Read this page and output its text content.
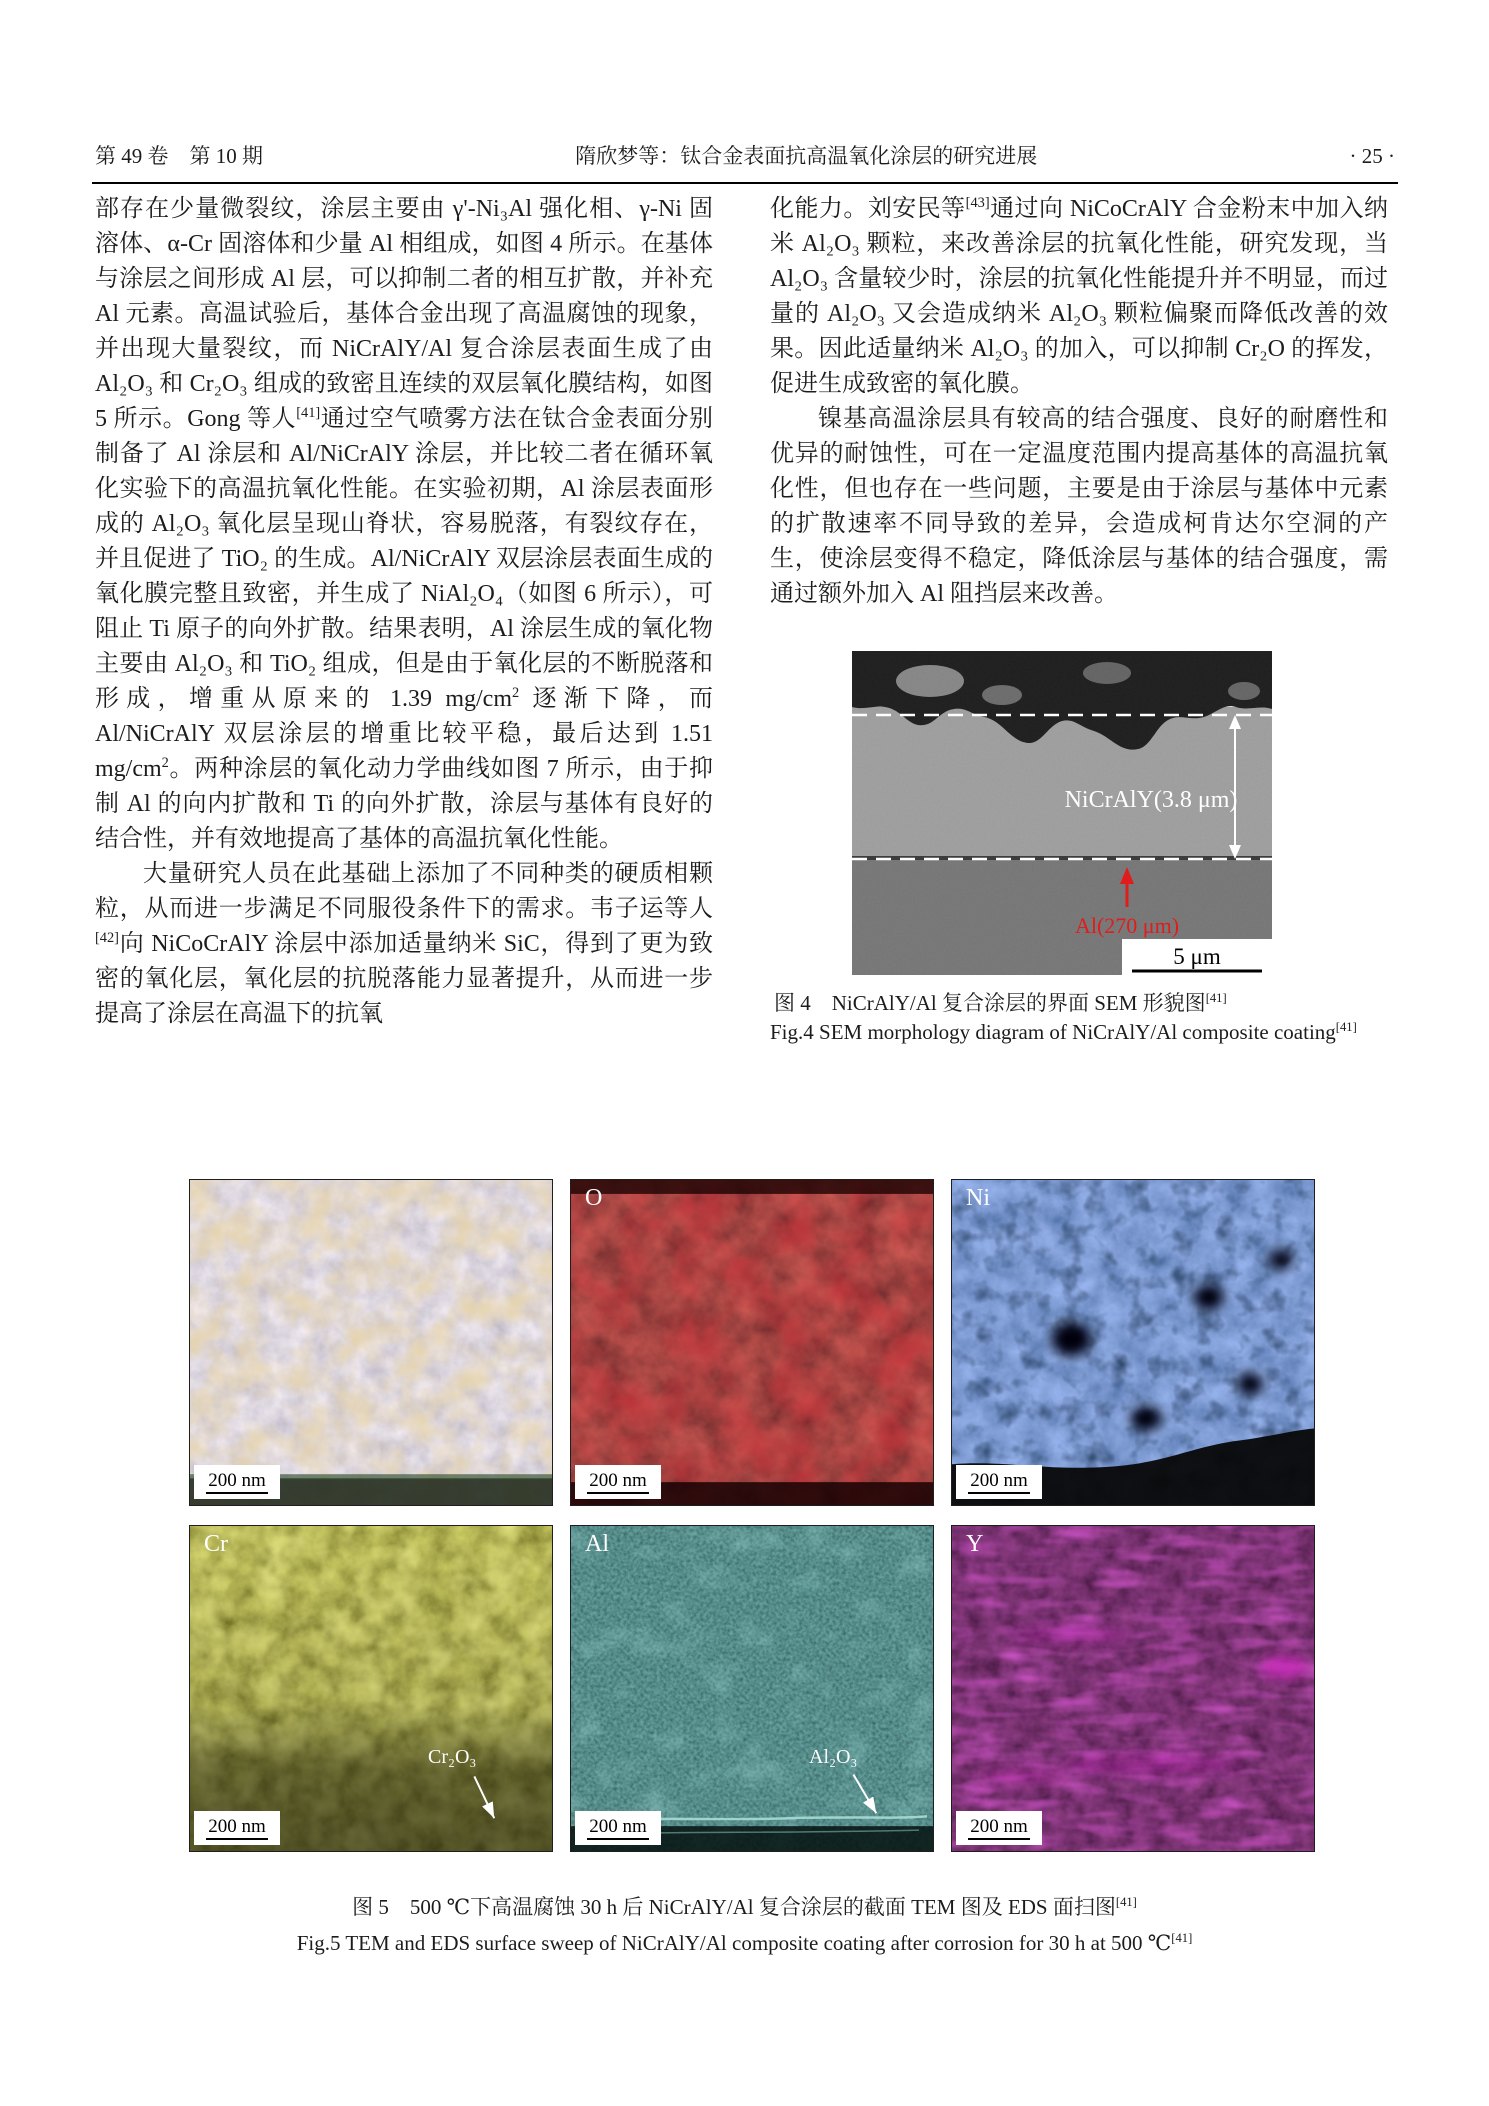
第 49 卷　第 10 期	隋欣梦等：钛合金表面抗高温氧化涂层的研究进展	· 25 ·

部存在少量微裂纹，涂层主要由 γ'-Ni₃Al 强化相、γ-Ni 固溶体、α-Cr 固溶体和少量 Al 相组成，如图 4 所示。在基体与涂层之间形成 Al 层，可以抑制二者的相互扩散，并补充 Al 元素。高温试验后，基体合金出现了高温腐蚀的现象，并出现大量裂纹，而 NiCrAlY/Al 复合涂层表面生成了由 Al₂O₃ 和 Cr₂O₃ 组成的致密且连续的双层氧化膜结构，如图 5 所示。Gong 等人[41]通过空气喷雾方法在钛合金表面分别制备了 Al 涂层和 Al/NiCrAlY 涂层，并比较二者在循环氧化实验下的高温抗氧化性能。在实验初期，Al 涂层表面形成的 Al₂O₃ 氧化层呈现山脊状，容易脱落，有裂纹存在，并且促进了 TiO₂ 的生成。Al/NiCrAlY 双层涂层表面生成的氧化膜完整且致密，并生成了 NiAl₂O₄（如图 6 所示），可阻止 Ti 原子的向外扩散。结果表明，Al 涂层生成的氧化物主要由 Al₂O₃ 和 TiO₂ 组成，但是由于氧化层的不断脱落和形成，增重从原来的 1.39 $mg/cm^2$ 逐渐下降，而 Al/NiCrAlY 双层涂层的增重比较平稳，最后达到 1.51 $mg/cm^2$。两种涂层的氧化动力学曲线如图 7 所示，由于抑制 Al 的向内扩散和 Ti 的向外扩散，涂层与基体有良好的结合性，并有效地提高了基体的高温抗氧化性能。

大量研究人员在此基础上添加了不同种类的硬质相颗粒，从而进一步满足不同服役条件下的需求。韦子运等人[42]向 NiCoCrAlY 涂层中添加适量纳米 SiC，得到了更为致密的氧化层，氧化层的抗脱落能力显著提升，从而进一步提高了涂层在高温下的抗氧

化能力。刘安民等[43]通过向 NiCoCrAlY 合金粉末中加入纳米 Al₂O₃ 颗粒，来改善涂层的抗氧化性能，研究发现，当 Al₂O₃ 含量较少时，涂层的抗氧化性能提升并不明显，而过量的 Al₂O₃ 又会造成纳米 Al₂O₃ 颗粒偏聚而降低改善的效果。因此适量纳米 Al₂O₃ 的加入，可以抑制 Cr₂O 的挥发，促进生成致密的氧化膜。

镍基高温涂层具有较高的结合强度、良好的耐磨性和优异的耐蚀性，可在一定温度范围内提高基体的高温抗氧化性，但也存在一些问题，主要是由于涂层与基体中元素的扩散速率不同导致的差异，会造成柯肯达尔空洞的产生，使涂层变得不稳定，降低涂层与基体的结合强度，需通过额外加入 Al 阻挡层来改善。

NiCrAlY(3.8 μm)
Al(270 μm)
5 μm
图 4　NiCrAlY/Al 复合涂层的界面 SEM 形貌图[41]
Fig.4 SEM morphology diagram of NiCrAlY/Al composite coating[41]
200 nm
O
200 nm
Ni
200 nm
Cr
Cr₂O₃
200 nm
Al
Al₂O₃
200 nm
Y
200 nm
图 5　500 ℃下高温腐蚀 30 h 后 NiCrAlY/Al 复合涂层的截面 TEM 图及 EDS 面扫图[41]
Fig.5 TEM and EDS surface sweep of NiCrAlY/Al composite coating after corrosion for 30 h at 500 ℃[41]
